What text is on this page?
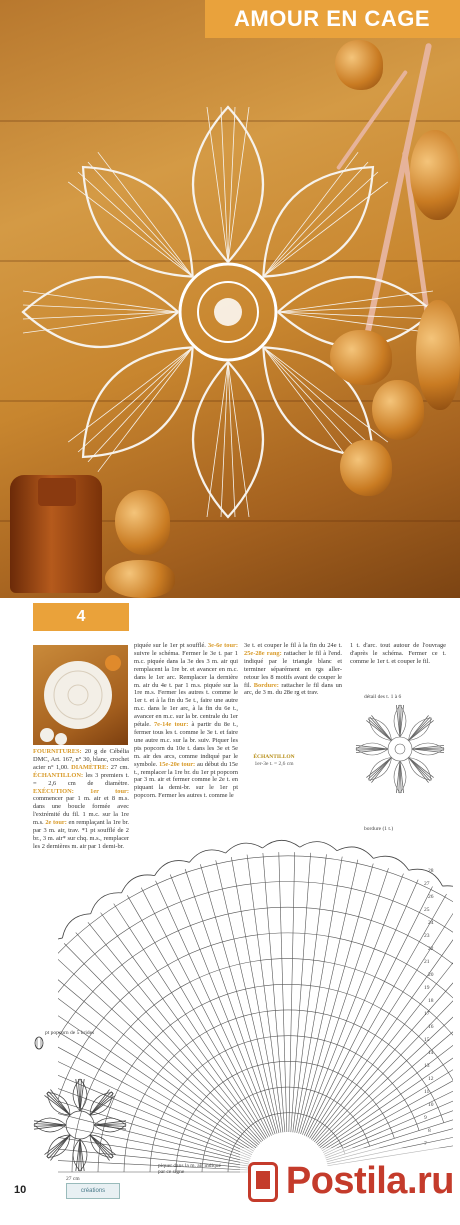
AMOUR EN CAGE
4
FOURNITURES: 20 g de Cébélia DMC, Art. 167, n° 30, blanc, crochet acier n° 1,00. DIAMÈTRE: 27 cm. ÉCHANTILLON: les 3 premiers t. = 2,6 cm de diamètre. EXÉCUTION: 1er tour: commencer par 1 m. air et 8 m.s. dans une boucle formée avec l'extrémité du fil. 1 m.c. sur la 1re m.s. 2e tour: en remplaçant la 1re br. par 3 m. air, trav. *1 pt soufflé de 2 br., 3 m. air* sur chq. m.s., remplacer les 2 dernières m. air par 1 demi-br.
piquée sur le 1er pt soufflé. 3e-6e tour: suivre le schéma. Fermer le 3e t. par 1 m.c. piquée dans la 3e des 3 m. air qui remplacent la 1re br. et avancer en m.c. dans le 1er arc. Remplacer la dernière m. air du 4e t. par 1 m.s. piquée sur la 1re m.s. Fermer les autres t. comme le 1er t. et à la fin du 5e t., faire une autre m.c. dans le 1er arc, à la fin du 6e t., avancer en m.c. sur la br. centrale du 1er pétale. 7e-14e tour: à partir du 8e t., fermer tous les t. comme le 3e t. et faire une autre m.c. sur la br. suiv. Piquer les pts popcorn du 10e t. dans les 3e et 5e m. air des arcs, comme indiqué par le symbole. 15e-20e tour: au début du 15e t., remplacer la 1re br. du 1er pt popcorn par 3 m. air et fermer comme le 2e t. en piquant la demi-br. sur le 1er pt popcorn. Fermer les autres t. comme le
3e t. et couper le fil à la fin du 24e t. 25e-28e rang: rattacher le fil à l'end. indiqué par le triangle blanc et terminer séparément en rgs aller-retour les 8 motifs avant de couper le fil. Bordure: rattacher le fil dans un arc, de 3 m. du 28e rg et trav.
1 t. d'arc. tout autour de l'ouvrage d'après le schéma. Fermer ce t. comme le 1er t. et couper le fil.
détail des t. 1 à 6
ÉCHANTILLON
1er-3e t. = 2,6 cm
bordure (1 t.)
28
27
26
25
24
23
22
21
20
19
18
17
16
15
14
13
12
11
10
9
8
7
pt popcorn de 5 brides
27 cm
piquer dans la m. air indiqué par ce signe
10	créations	Postila.ru
